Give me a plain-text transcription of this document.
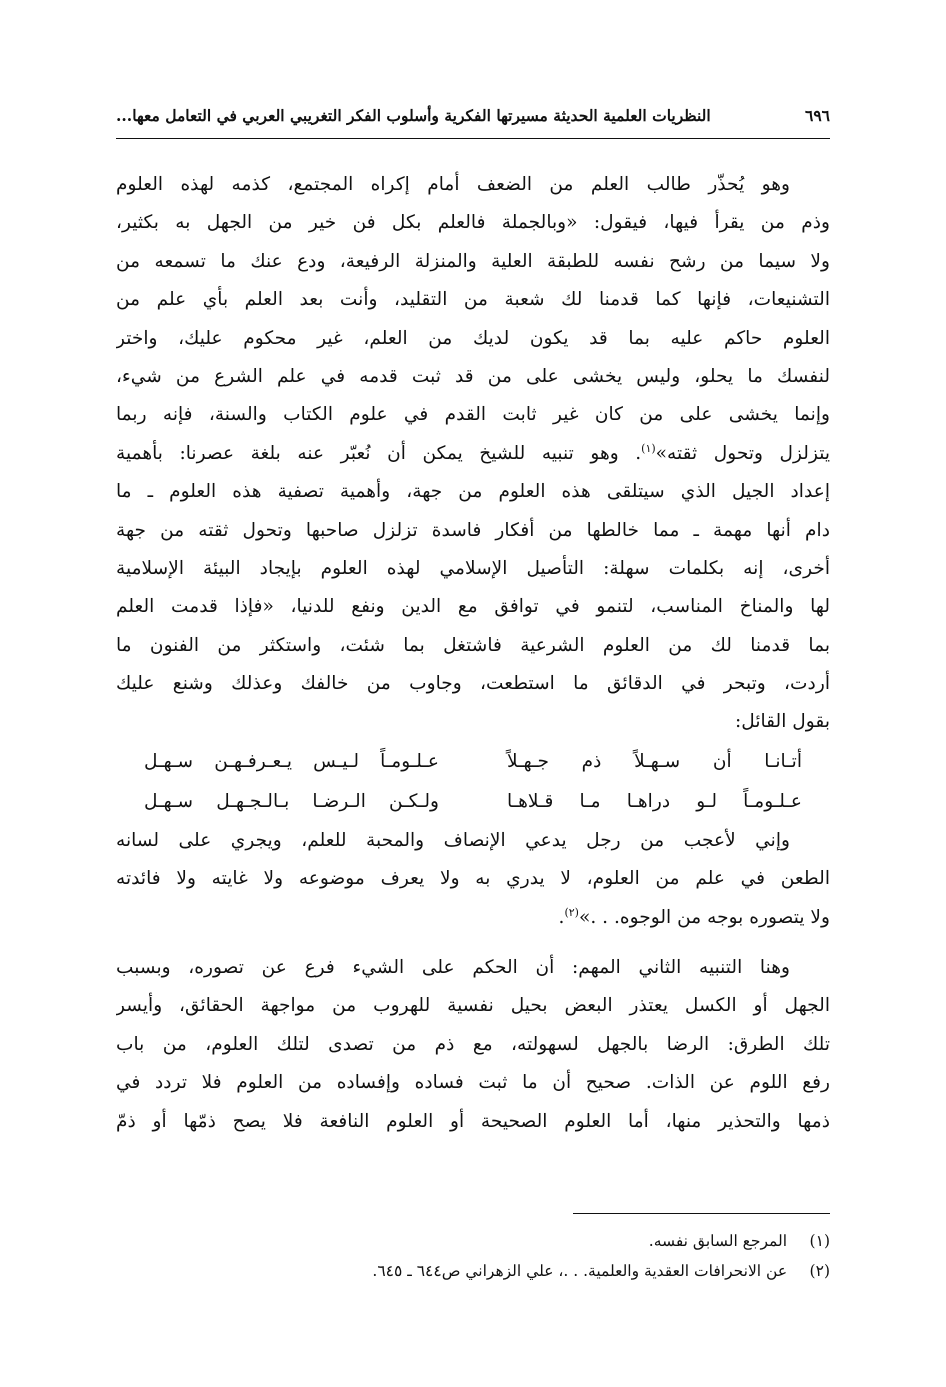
٦٩٦
النظريات العلمية الحديثة مسيرتها الفكرية وأسلوب الفكر التغريبي العربي في التعامل معها...
وهو يُحذّر طالب العلم من الضعف أمام إكراه المجتمع، كذمه لهذه العلوم
وذم من يقرأ فيها، فيقول: «وبالجملة فالعلم بكل فن خير من الجهل به بكثير،
ولا سيما من رشح نفسه للطبقة العلية والمنزلة الرفيعة، ودع عنك ما تسمعه من
التشنيعات، فإنها كما قدمنا لك شعبة من التقليد، وأنت بعد العلم بأي علم من
العلوم حاكم عليه بما قد يكون لديك من العلم، غير محكوم عليك، واختر
لنفسك ما يحلو، وليس يخشى على من قد ثبت قدمه في علم الشرع من شيء،
وإنما يخشى على من كان غير ثابت القدم في علوم الكتاب والسنة، فإنه ربما
يتزلزل وتحول ثقته»$^{(١)}$. وهو تنبيه للشيخ يمكن أن نُعبّر عنه بلغة عصرنا: بأهمية
إعداد الجيل الذي سيتلقى هذه العلوم من جهة، وأهمية تصفية هذه العلوم ـ ما
دام أنها مهمة ـ مما خالطها من أفكار فاسدة تزلزل صاحبها وتحول ثقته من جهة
أخرى، إنه بكلمات سهلة: التأصيل الإسلامي لهذه العلوم بإيجاد البيئة الإسلامية
لها والمناخ المناسب، لتنمو في توافق مع الدين ونفع للدنيا، «فإذا قدمت العلم
بما قدمنا لك من العلوم الشرعية فاشتغل بما شئت، واستكثر من الفنون ما
أردت، وتبحر في الدقائق ما استطعت، وجاوب من خالفك وعذلك وشنع عليك
بقول القائل:
أتـانـا أن سـهـلاً ذم جـهـلاً
عـلـومـاً لـيـس يـعـرفـهـن سـهـل
عـلـومـاً لـو دراهـا مـا قـلاهـا
ولـكـن الـرضـا بـالـجـهـل سـهـل
وإني لأعجب من رجل يدعي الإنصاف والمحبة للعلم، ويجري على لسانه
الطعن في علم من العلوم، لا يدري به ولا يعرف موضوعه ولا غايته ولا فائدته
ولا يتصوره بوجه من الوجوه. . .»$^{(٢)}$.
وهنا التنبيه الثاني المهم: أن الحكم على الشيء فرع عن تصوره، وبسبب
الجهل أو الكسل يعتذر البعض بحيل نفسية للهروب من مواجهة الحقائق، وأيسر
تلك الطرق: الرضا بالجهل لسهولته، مع ذم من تصدى لتلك العلوم، من باب
رفع اللوم عن الذات. صحيح أن ما ثبت فساده وإفساده من العلوم فلا تردد في
ذمها والتحذير منها، أما العلوم الصحيحة أو العلوم النافعة فلا يصح ذمّها أو ذمّ
(١) المرجع السابق نفسه.
(٢) عن الانحرافات العقدية والعلمية. . .، علي الزهراني ص٦٤٤ ـ ٦٤٥.
